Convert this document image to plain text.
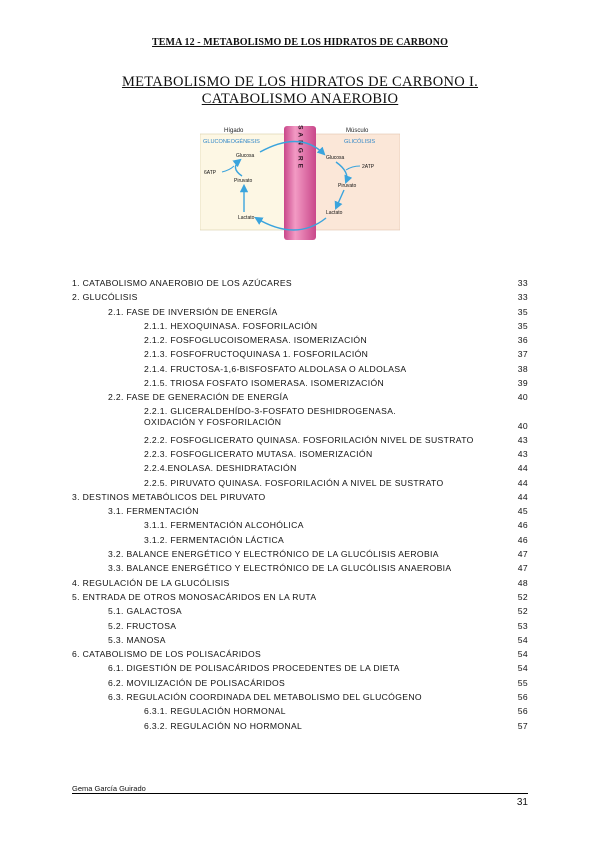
TEMA 12 - METABOLISMO DE LOS HIDRATOS DE CARBONO
METABOLISMO DE LOS HIDRATOS DE CARBONO I.
CATABOLISMO ANAEROBIO
Hígado	Músculo
GLUCONEOGÉNESIS	GLICÓLISIS
SANGRE
Glucosa
6ATP
Piruvato
Lactato
Glucosa
2ATP
Piruvato
Lactato
1. CATABOLISMO ANAEROBIO DE LOS AZÚCARES	33
2. GLUCÓLISIS	33
2.1. FASE DE INVERSIÓN DE ENERGÍA	35
2.1.1. HEXOQUINASA. FOSFORILACIÓN	35
2.1.2. FOSFOGLUCOISOMERASA. ISOMERIZACIÓN	36
2.1.3. FOSFOFRUCTOQUINASA 1. FOSFORILACIÓN	37
2.1.4. FRUCTOSA-1,6-BISFOSFATO ALDOLASA O ALDOLASA	38
2.1.5. TRIOSA FOSFATO ISOMERASA. ISOMERIZACIÓN	39
2.2. FASE DE GENERACIÓN DE ENERGÍA	40
2.2.1. GLICERALDEHÍDO-3-FOSFATO DESHIDROGENASA. OXIDACIÓN Y FOSFORILACIÓN	40
2.2.2. FOSFOGLICERATO QUINASA. FOSFORILACIÓN NIVEL DE SUSTRATO	43
2.2.3. FOSFOGLICERATO MUTASA. ISOMERIZACIÓN	43
2.2.4.ENOLASA. DESHIDRATACIÓN	44
2.2.5. PIRUVATO QUINASA. FOSFORILACIÓN A NIVEL DE SUSTRATO	44
3. DESTINOS METABÓLICOS DEL PIRUVATO	44
3.1. FERMENTACIÓN	45
3.1.1. FERMENTACIÓN ALCOHÓLICA	46
3.1.2. FERMENTACIÓN LÁCTICA	46
3.2. BALANCE ENERGÉTICO Y ELECTRÓNICO DE LA GLUCÓLISIS AEROBIA	47
3.3. BALANCE ENERGÉTICO Y ELECTRÓNICO DE LA GLUCÓLISIS ANAEROBIA	47
4. REGULACIÓN DE LA GLUCÓLISIS	48
5. ENTRADA DE OTROS MONOSACÁRIDOS EN LA RUTA	52
5.1. GALACTOSA	52
5.2. FRUCTOSA	53
5.3. MANOSA	54
6. CATABOLISMO DE LOS POLISACÁRIDOS	54
6.1. DIGESTIÓN DE POLISACÁRIDOS PROCEDENTES DE LA DIETA	54
6.2. MOVILIZACIÓN DE POLISACÁRIDOS	55
6.3. REGULACIÓN COORDINADA DEL METABOLISMO DEL GLUCÓGENO	56
6.3.1. REGULACIÓN HORMONAL	56
6.3.2. REGULACIÓN NO HORMONAL	57
Gema García Guirado
31
